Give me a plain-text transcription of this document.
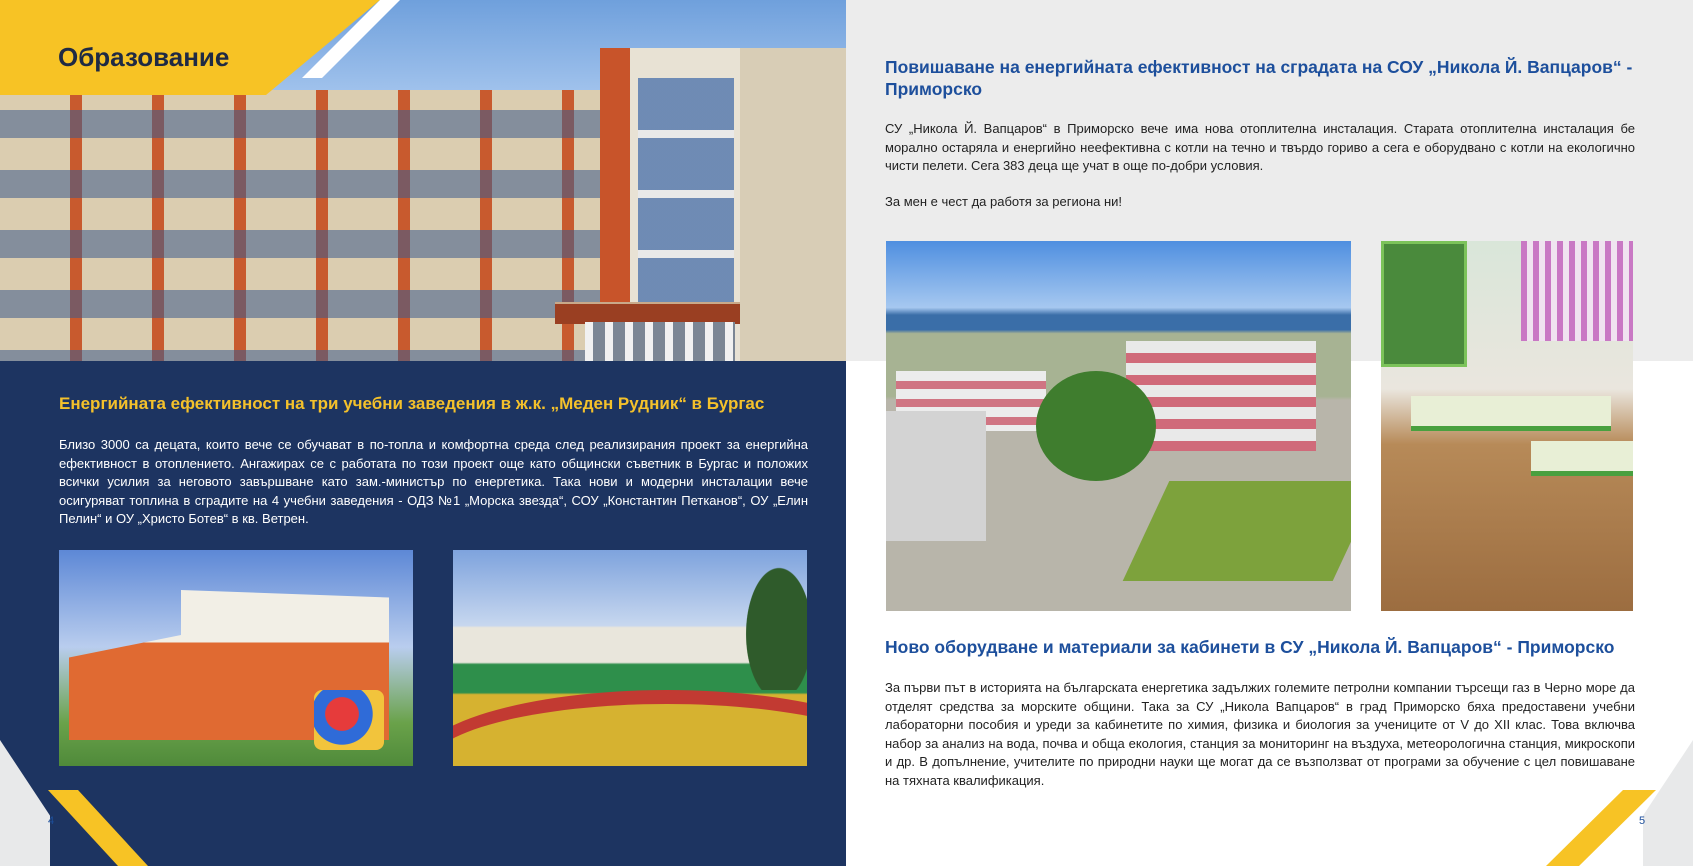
Образование
Енергийната ефективност на три учебни заведения в ж.к. „Меден Рудник“ в Бургас

Близо 3000 са децата, които вече се обучават в по-топла и комфортна среда след реализирания проект за енергийна ефективност в отоплението. Ангажирах се с работата по този проект още като общински съветник в Бургас и положих всички усилия за неговото завършване като зам.-министър по енергетика. Така нови и модерни инсталации вече осигуряват топлина в сградите на 4 учебни заведения - ОДЗ №1 „Морска звезда“, СОУ „Константин Петканов“, ОУ „Елин Пелин“ и ОУ „Христо Ботев“ в кв. Ветрен.

4
Повишаване на енергийната ефективност на сградата на СОУ „Никола Й. Вапцаров“ - Приморско

СУ „Никола Й. Вапцаров“ в Приморско вече има нова отоплителна инсталация. Старата отоплителна инсталация бе морално остаряла и енергийно неефективна с котли на течно и твърдо гориво а сега е оборудвано с котли на екологично чисти пелети. Сега 383 деца ще учат в още по-добри условия.

За мен е чест да работя за региона ни!

Ново оборудване и материали за кабинети в СУ „Никола Й. Вапцаров“ - Приморско

За първи път в историята на българската енергетика задължих големите петролни компании търсещи газ в Черно море да отделят средства за морските общини. Така за СУ „Никола Вапцаров“ в град Приморско бяха предоставени учебни лабораторни пособия и уреди за кабинетите по химия, физика и биология за учениците от V до XII клас. Това включва набор за анализ на вода, почва и обща екология, станция за мониторинг на въздуха, метеорологична станция, микроскопи и др. В допълнение, учителите по природни науки ще могат да се възползват от програми за обучение с цел повишаване на тяхната квалификация.

5
